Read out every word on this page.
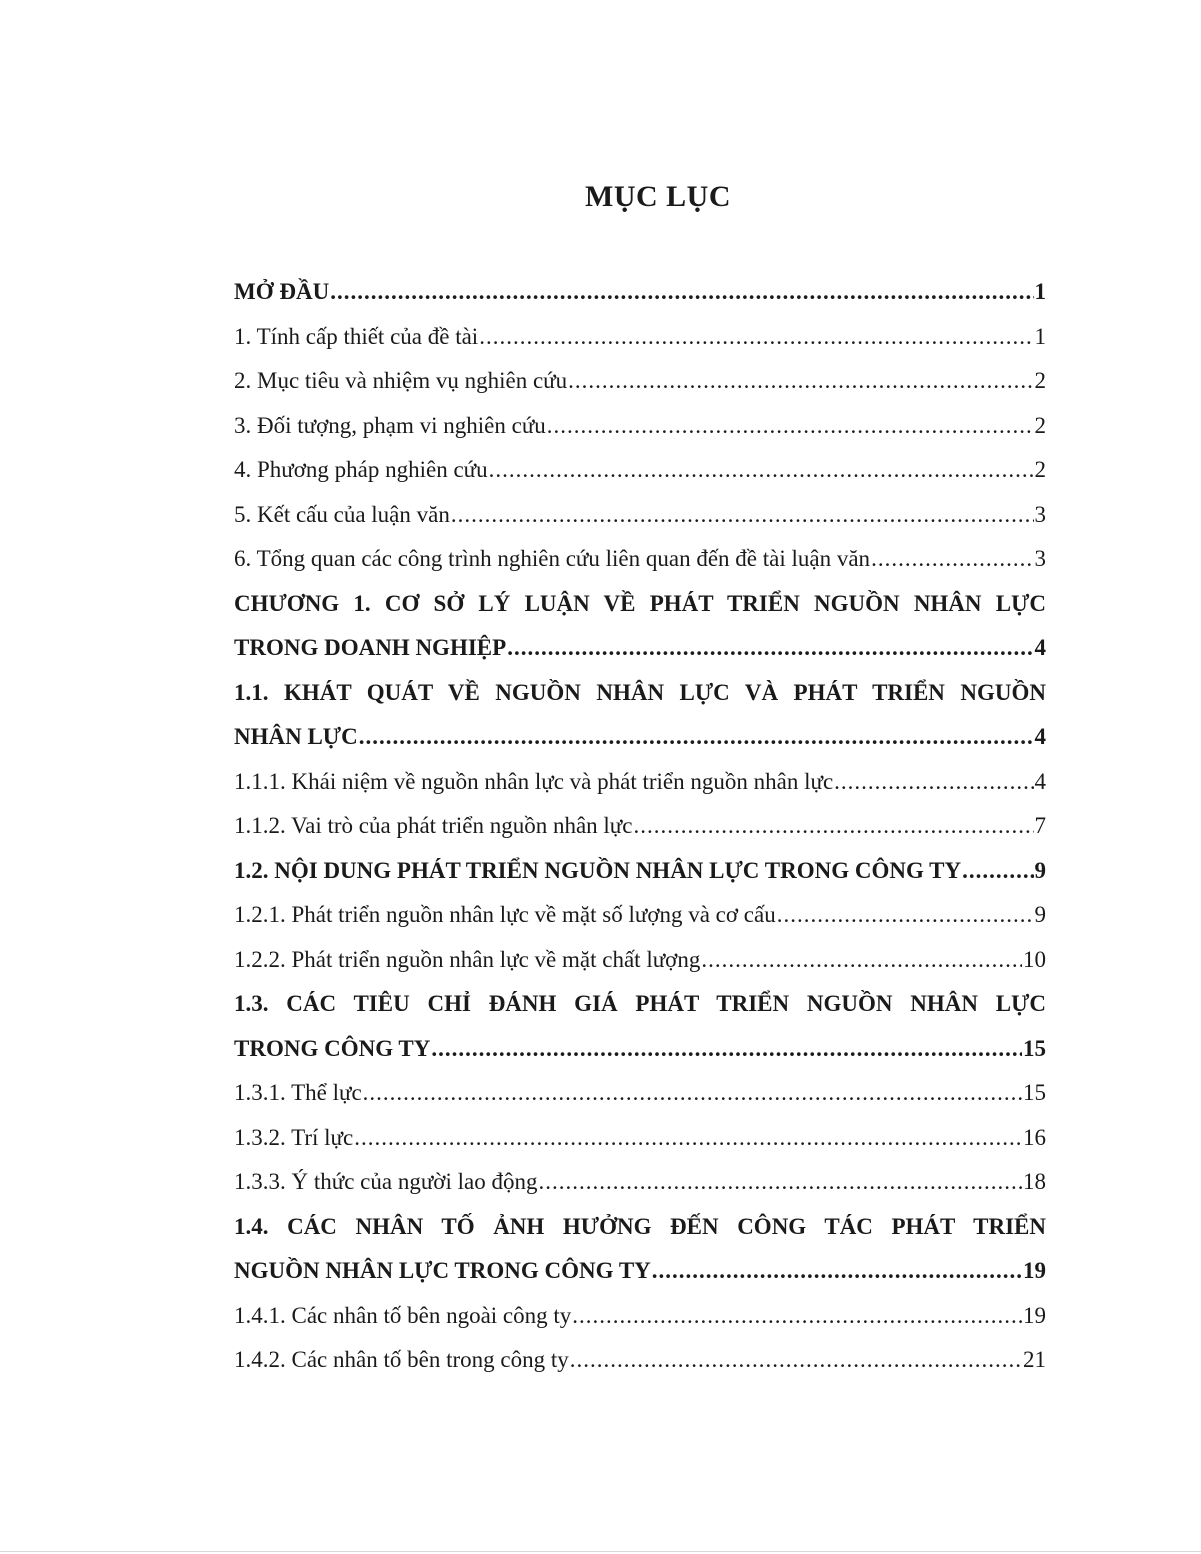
MỤC LỤC
MỞ ĐẦU .....	1
1. Tính cấp thiết của đề tài .....	1
2. Mục tiêu và nhiệm vụ nghiên cứu .....	2
3. Đối tượng, phạm vi nghiên cứu .....	2
4. Phương pháp nghiên cứu .....	2
5. Kết cấu của luận văn .....	3
6. Tổng quan các công trình nghiên cứu liên quan đến đề tài luận văn .....	3
CHƯƠNG 1. CƠ SỞ LÝ LUẬN VỀ PHÁT TRIỂN NGUỒN NHÂN LỰC
TRONG DOANH NGHIỆP .....	4
1.1. KHÁT QUÁT VỀ NGUỒN NHÂN LỰC VÀ PHÁT TRIỂN NGUỒN
NHÂN LỰC .....	4
1.1.1. Khái niệm về nguồn nhân lực và phát triển nguồn nhân lực .....	4
1.1.2. Vai trò của phát triển nguồn nhân lực .....	7
1.2. NỘI DUNG PHÁT TRIỂN NGUỒN NHÂN LỰC TRONG CÔNG TY .....	9
1.2.1. Phát triển nguồn nhân lực về mặt số lượng và cơ cấu .....	9
1.2.2. Phát triển nguồn nhân lực về mặt chất lượng .....	10
1.3. CÁC TIÊU CHỈ ĐÁNH GIÁ PHÁT TRIỂN NGUỒN NHÂN LỰC
TRONG CÔNG TY .....	15
1.3.1. Thể lực .....	15
1.3.2. Trí lực .....	16
1.3.3. Ý thức của người lao động .....	18
1.4. CÁC NHÂN TỐ ẢNH HƯỞNG ĐẾN CÔNG TÁC PHÁT TRIỂN
NGUỒN NHÂN LỰC TRONG CÔNG TY .....	19
1.4.1. Các nhân tố bên ngoài công ty .....	19
1.4.2. Các nhân tố bên trong công ty .....	21
